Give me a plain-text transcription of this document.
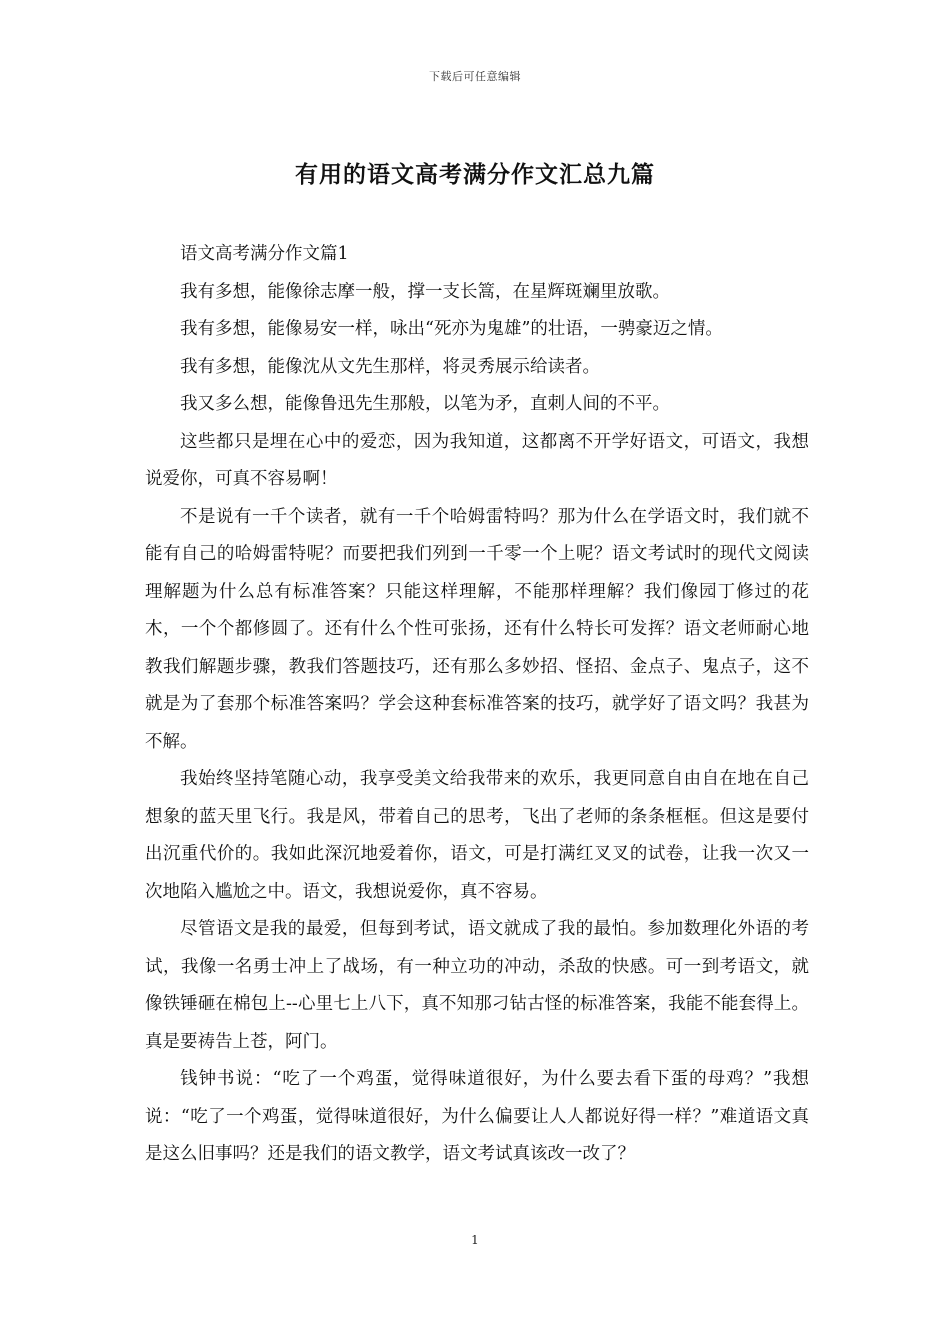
下载后可任意编辑
有用的语文高考满分作文汇总九篇

语文高考满分作文篇1

我有多想，能像徐志摩一般，撑一支长篙，在星辉斑斓里放歌。

我有多想，能像易安一样，咏出“死亦为鬼雄”的壮语，一骋豪迈之情。

我有多想，能像沈从文先生那样，将灵秀展示给读者。

我又多么想，能像鲁迅先生那般，以笔为矛，直刺人间的不平。

这些都只是埋在心中的爱恋，因为我知道，这都离不开学好语文，可语文，我想说爱你，可真不容易啊！

不是说有一千个读者，就有一千个哈姆雷特吗？那为什么在学语文时，我们就不能有自己的哈姆雷特呢？而要把我们列到一千零一个上呢？语文考试时的现代文阅读理解题为什么总有标准答案？只能这样理解，不能那样理解？我们像园丁修过的花木，一个个都修圆了。还有什么个性可张扬，还有什么特长可发挥？语文老师耐心地教我们解题步骤，教我们答题技巧，还有那么多妙招、怪招、金点子、鬼点子，这不就是为了套那个标准答案吗？学会这种套标准答案的技巧，就学好了语文吗？我甚为不解。

我始终坚持笔随心动，我享受美文给我带来的欢乐，我更同意自由自在地在自己想象的蓝天里飞行。我是风，带着自己的思考，飞出了老师的条条框框。但这是要付出沉重代价的。我如此深沉地爱着你，语文，可是打满红叉叉的试卷，让我一次又一次地陷入尴尬之中。语文，我想说爱你，真不容易。

尽管语文是我的最爱，但每到考试，语文就成了我的最怕。参加数理化外语的考试，我像一名勇士冲上了战场，有一种立功的冲动，杀敌的快感。可一到考语文，就像铁锤砸在棉包上--心里七上八下，真不知那刁钻古怪的标准答案，我能不能套得上。真是要祷告上苍，阿门。

钱钟书说：“吃了一个鸡蛋，觉得味道很好，为什么要去看下蛋的母鸡？”我想说：“吃了一个鸡蛋，觉得味道很好，为什么偏要让人人都说好得一样？”难道语文真是这么旧事吗？还是我们的语文教学，语文考试真该改一改了？

1
